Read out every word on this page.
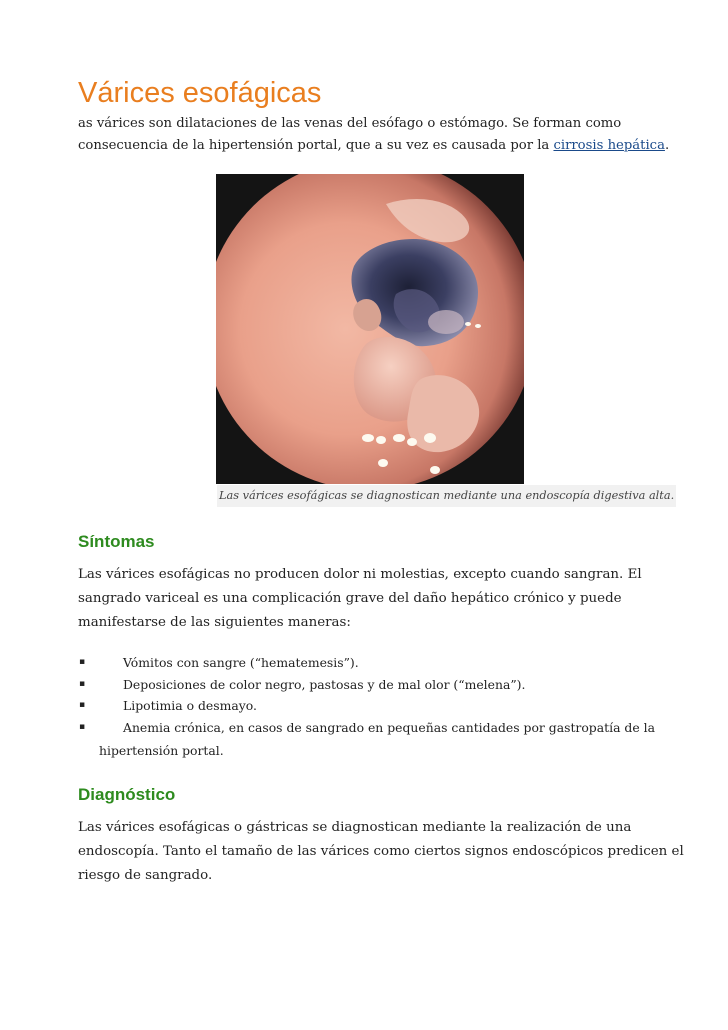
Várices esofágicas

as várices son dilataciones de las venas del esófago o estómago. Se forman como
consecuencia de la hipertensión portal, que a su vez es causada por la cirrosis hepática.

Las várices esofágicas se diagnostican mediante una endoscopía digestiva alta.

Síntomas

Las várices esofágicas no producen dolor ni molestias, excepto cuando sangran. El
sangrado variceal es una complicación grave del daño hepático crónico y puede
manifestarse de las siguientes maneras:

▪	Vómitos con sangre (“hematemesis”).
▪	Deposiciones de color negro, pastosas y de mal olor (“melena”).
▪	Lipotimia o desmayo.
▪	Anemia crónica, en casos de sangrado en pequeñas cantidades por gastropatía de la
hipertensión portal.
Diagnóstico

Las várices esofágicas o gástricas se diagnostican mediante la realización de una
endoscopía. Tanto el tamaño de las várices como ciertos signos endoscópicos predicen el
riesgo de sangrado.
